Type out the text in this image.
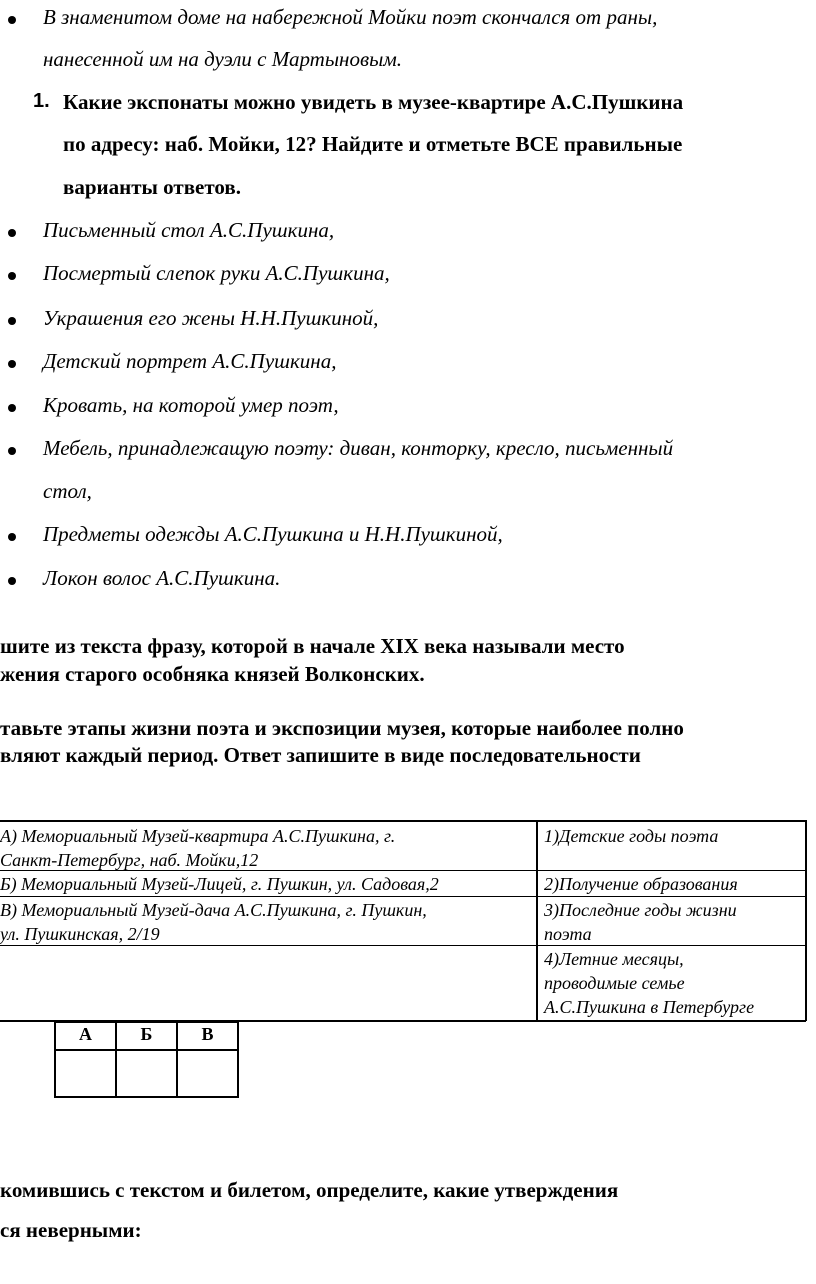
В знаменитом доме на набережной Мойки поэт скончался от раны,
нанесенной им на дуэли с Мартыновым.
1. Какие экспонаты можно увидеть в музее-квартире А.С.Пушкина
по адресу: наб. Мойки, 12? Найдите и отметьте ВСЕ правильные
варианты ответов.
Письменный стол А.С.Пушкина,
Посмертый слепок руки А.С.Пушкина,
Украшения его жены Н.Н.Пушкиной,
Детский портрет А.С.Пушкина,
Кровать, на которой умер поэт,
Мебель, принадлежащую поэту: диван, конторку, кресло, письменный
стол,
Предметы одежды А.С.Пушкина и Н.Н.Пушкиной,
Локон волос А.С.Пушкина.
шите из текста фразу, которой в начале XIX века называли место
жения старого особняка князей Волконских.
тавьте этапы жизни поэта и экспозиции музея, которые наиболее полно
вляют каждый период. Ответ запишите в виде последовательности
А) Мемориальный Музей-квартира А.С.Пушкина, г.
Санкт-Петербург, наб. Мойки,12
Б) Мемориальный Музей-Лицей, г. Пушкин, ул. Садовая,2
В) Мемориальный Музей-дача А.С.Пушкина, г. Пушкин,
ул. Пушкинская, 2/19
1)Детские годы поэта
2)Получение образования
3)Последние годы жизни
поэта
4)Летние месяцы,
проводимые семье
А.С.Пушкина в Петербурге
А	Б	В
комившись с текстом и билетом, определите, какие утверждения
ся неверными:
